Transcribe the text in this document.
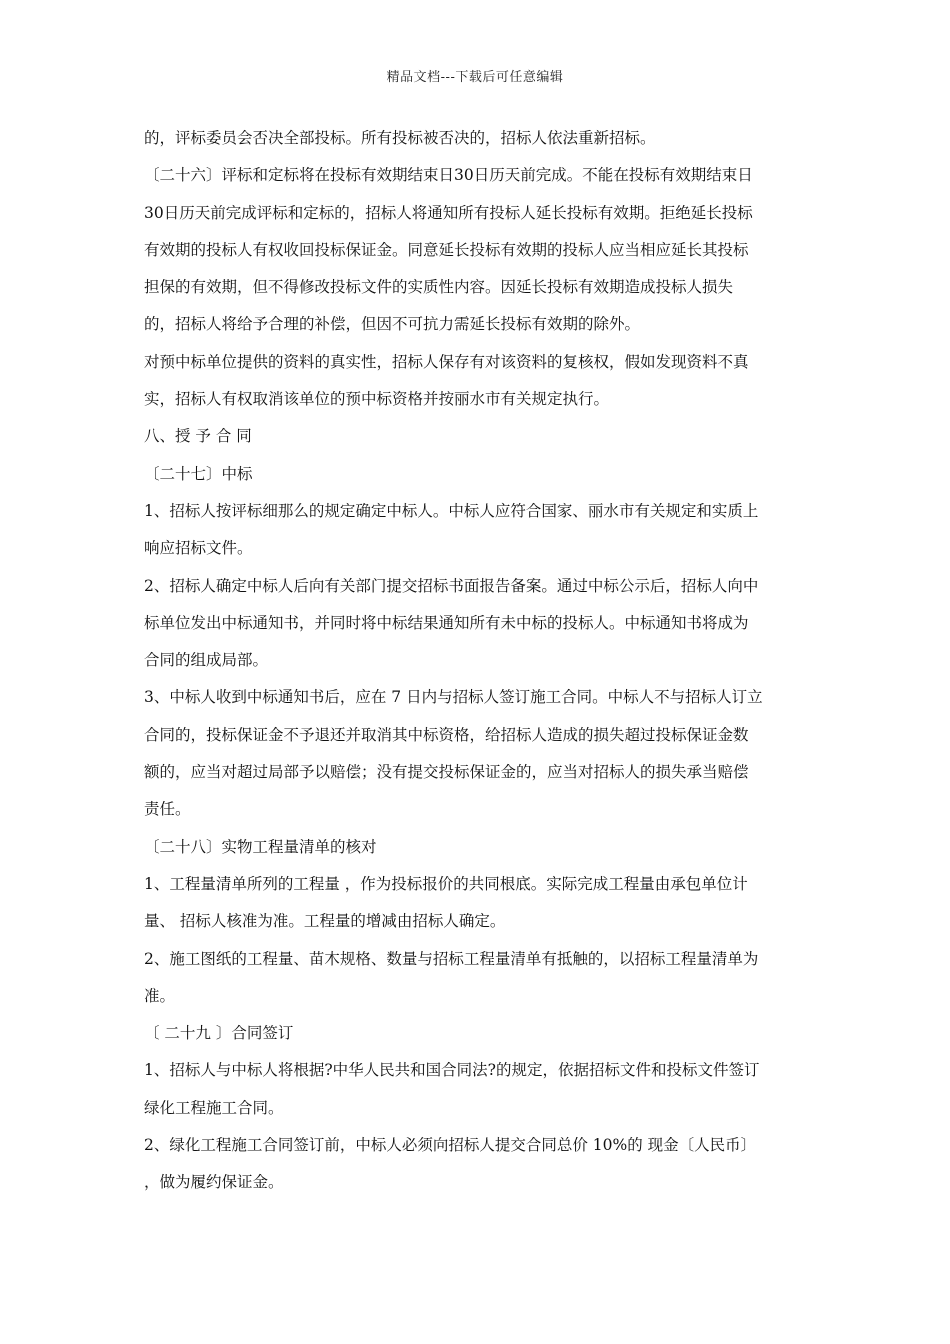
精品文档---下载后可任意编辑
的，评标委员会否决全部投标。所有投标被否决的，招标人依法重新招标。
〔二十六〕评标和定标将在投标有效期结束日30日历天前完成。不能在投标有效期结束日
30日历天前完成评标和定标的，招标人将通知所有投标人延长投标有效期。拒绝延长投标
有效期的投标人有权收回投标保证金。同意延长投标有效期的投标人应当相应延长其投标
担保的有效期，但不得修改投标文件的实质性内容。因延长投标有效期造成投标人损失
的，招标人将给予合理的补偿，但因不可抗力需延长投标有效期的除外。
对预中标单位提供的资料的真实性，招标人保存有对该资料的复核权，假如发现资料不真
实，招标人有权取消该单位的预中标资格并按丽水市有关规定执行。
八、授 予 合 同
〔二十七〕中标
1、招标人按评标细那么的规定确定中标人。中标人应符合国家、丽水市有关规定和实质上
响应招标文件。
2、招标人确定中标人后向有关部门提交招标书面报告备案。通过中标公示后，招标人向中
标单位发出中标通知书，并同时将中标结果通知所有未中标的投标人。中标通知书将成为
合同的组成局部。
3、中标人收到中标通知书后，应在 7 日内与招标人签订施工合同。中标人不与招标人订立
合同的，投标保证金不予退还并取消其中标资格，给招标人造成的损失超过投标保证金数
额的，应当对超过局部予以赔偿；没有提交投标保证金的，应当对招标人的损失承当赔偿
责任。
〔二十八〕实物工程量清单的核对
1、工程量清单所列的工程量 ，作为投标报价的共同根底。实际完成工程量由承包单位计
量、 招标人核准为准。工程量的增减由招标人确定。
2、施工图纸的工程量、苗木规格、数量与招标工程量清单有抵触的，以招标工程量清单为
准。
〔 二十九 〕合同签订
1、招标人与中标人将根据?中华人民共和国合同法?的规定，依据招标文件和投标文件签订
绿化工程施工合同。
2、绿化工程施工合同签订前，中标人必须向招标人提交合同总价 10%的 现金〔人民币〕
，做为履约保证金。
